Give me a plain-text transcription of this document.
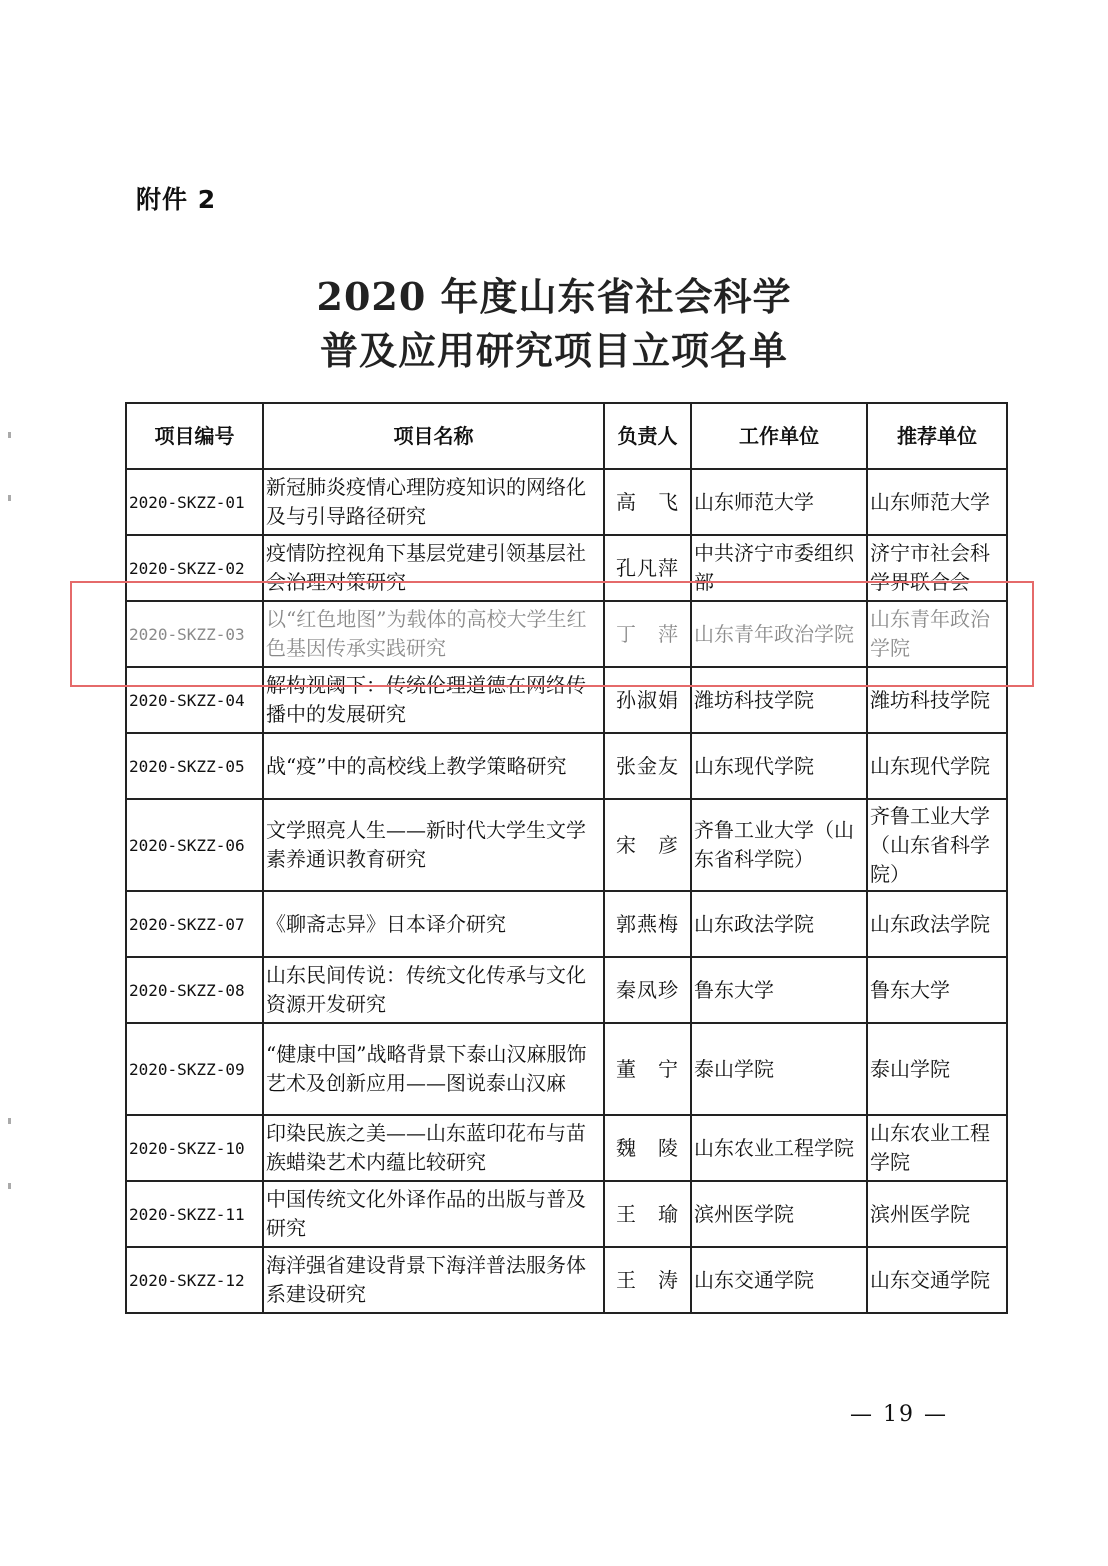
附件 2
2020 年度山东省社会科学
普及应用研究项目立项名单
项目编号	项目名称	负责人	工作单位	推荐单位
2020-SKZZ-01	新冠肺炎疫情心理防疫知识的网络化及与引导路径研究	高　飞	山东师范大学	山东师范大学
2020-SKZZ-02	疫情防控视角下基层党建引领基层社会治理对策研究	孔凡萍	中共济宁市委组织部	济宁市社会科学界联合会
2020-SKZZ-03	以“红色地图”为载体的高校大学生红色基因传承实践研究	丁　萍	山东青年政治学院	山东青年政治学院
2020-SKZZ-04	解构视阈下：传统伦理道德在网络传播中的发展研究	孙淑娟	潍坊科技学院	潍坊科技学院
2020-SKZZ-05	战“疫”中的高校线上教学策略研究	张金友	山东现代学院	山东现代学院
2020-SKZZ-06	文学照亮人生——新时代大学生文学素养通识教育研究	宋　彦	齐鲁工业大学（山东省科学院）	齐鲁工业大学（山东省科学院）
2020-SKZZ-07	《聊斋志异》日本译介研究	郭燕梅	山东政法学院	山东政法学院
2020-SKZZ-08	山东民间传说：传统文化传承与文化资源开发研究	秦凤珍	鲁东大学	鲁东大学
2020-SKZZ-09	“健康中国”战略背景下泰山汉麻服饰艺术及创新应用——图说泰山汉麻	董　宁	泰山学院	泰山学院
2020-SKZZ-10	印染民族之美——山东蓝印花布与苗族蜡染艺术内蕴比较研究	魏　陵	山东农业工程学院	山东农业工程学院
2020-SKZZ-11	中国传统文化外译作品的出版与普及研究	王　瑜	滨州医学院	滨州医学院
2020-SKZZ-12	海洋强省建设背景下海洋普法服务体系建设研究	王　涛	山东交通学院	山东交通学院
— 19 —
